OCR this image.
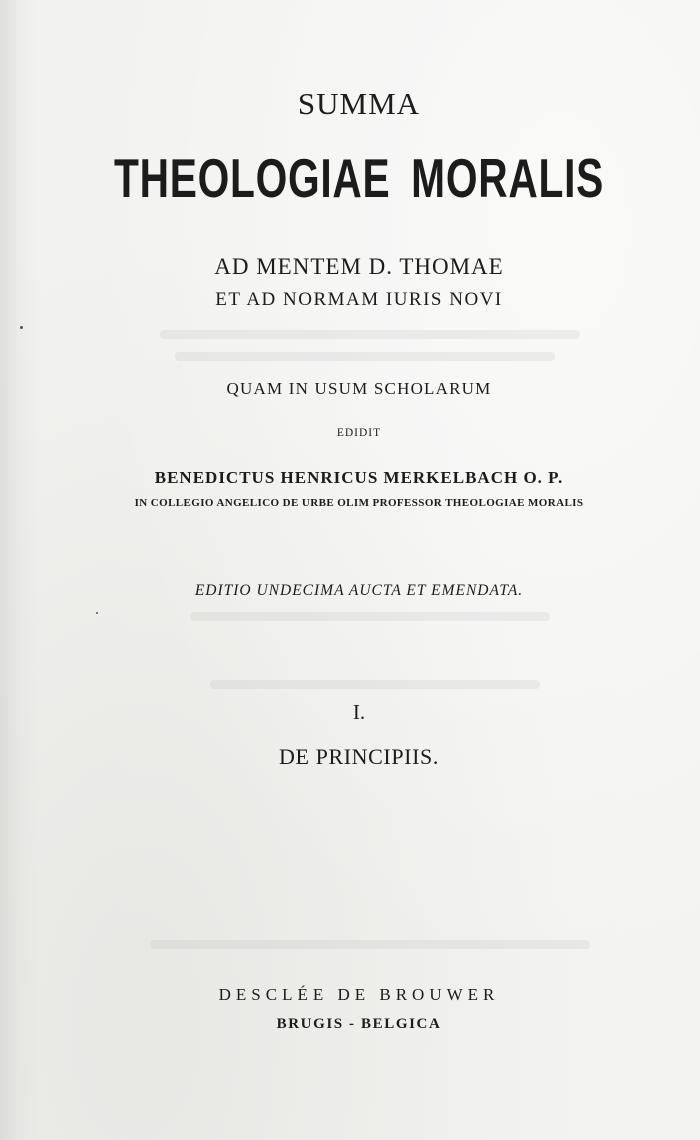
SUMMA
THEOLOGIAE MORALIS
AD MENTEM D. THOMAE
ET AD NORMAM IURIS NOVI
QUAM IN USUM SCHOLARUM
EDIDIT
BENEDICTUS HENRICUS MERKELBACH O. P.
IN COLLEGIO ANGELICO DE URBE OLIM PROFESSOR THEOLOGIAE MORALIS
EDITIO UNDECIMA AUCTA ET EMENDATA.
I.
DE PRINCIPIIS.
DESCLÉE DE BROUWER
BRUGIS - BELGICA
